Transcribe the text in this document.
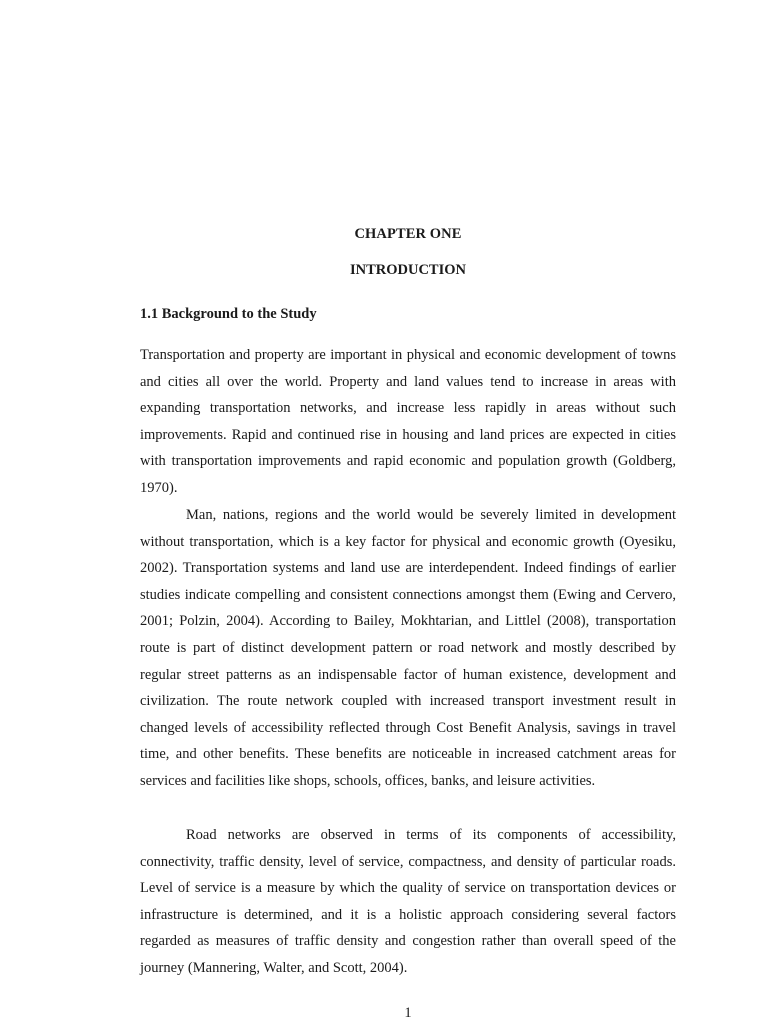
CHAPTER ONE
INTRODUCTION
1.1 Background to the Study

Transportation and property are important in physical and economic development of towns and cities all over the world. Property and land values tend to increase in areas with expanding transportation networks, and increase less rapidly in areas without such improvements. Rapid and continued rise in housing and land prices are expected in cities with transportation improvements and rapid economic and population growth (Goldberg, 1970).

Man, nations, regions and the world would be severely limited in development without transportation, which is a key factor for physical and economic growth (Oyesiku, 2002). Transportation systems and land use are interdependent. Indeed findings of earlier studies indicate compelling and consistent connections amongst them (Ewing and Cervero, 2001; Polzin, 2004). According to Bailey, Mokhtarian, and Littlel (2008), transportation route is part of distinct development pattern or road network and mostly described by regular street patterns as an indispensable factor of human existence, development and civilization. The route network coupled with increased transport investment result in changed levels of accessibility reflected through Cost Benefit Analysis, savings in travel time, and other benefits. These benefits are noticeable in increased catchment areas for services and facilities like shops, schools, offices, banks, and leisure activities.

Road networks are observed in terms of its components of accessibility, connectivity, traffic density, level of service, compactness, and density of particular roads. Level of service is a measure by which the quality of service on transportation devices or infrastructure is determined, and it is a holistic approach considering several factors regarded as measures of traffic density and congestion rather than overall speed of the journey (Mannering, Walter, and Scott, 2004).

1
